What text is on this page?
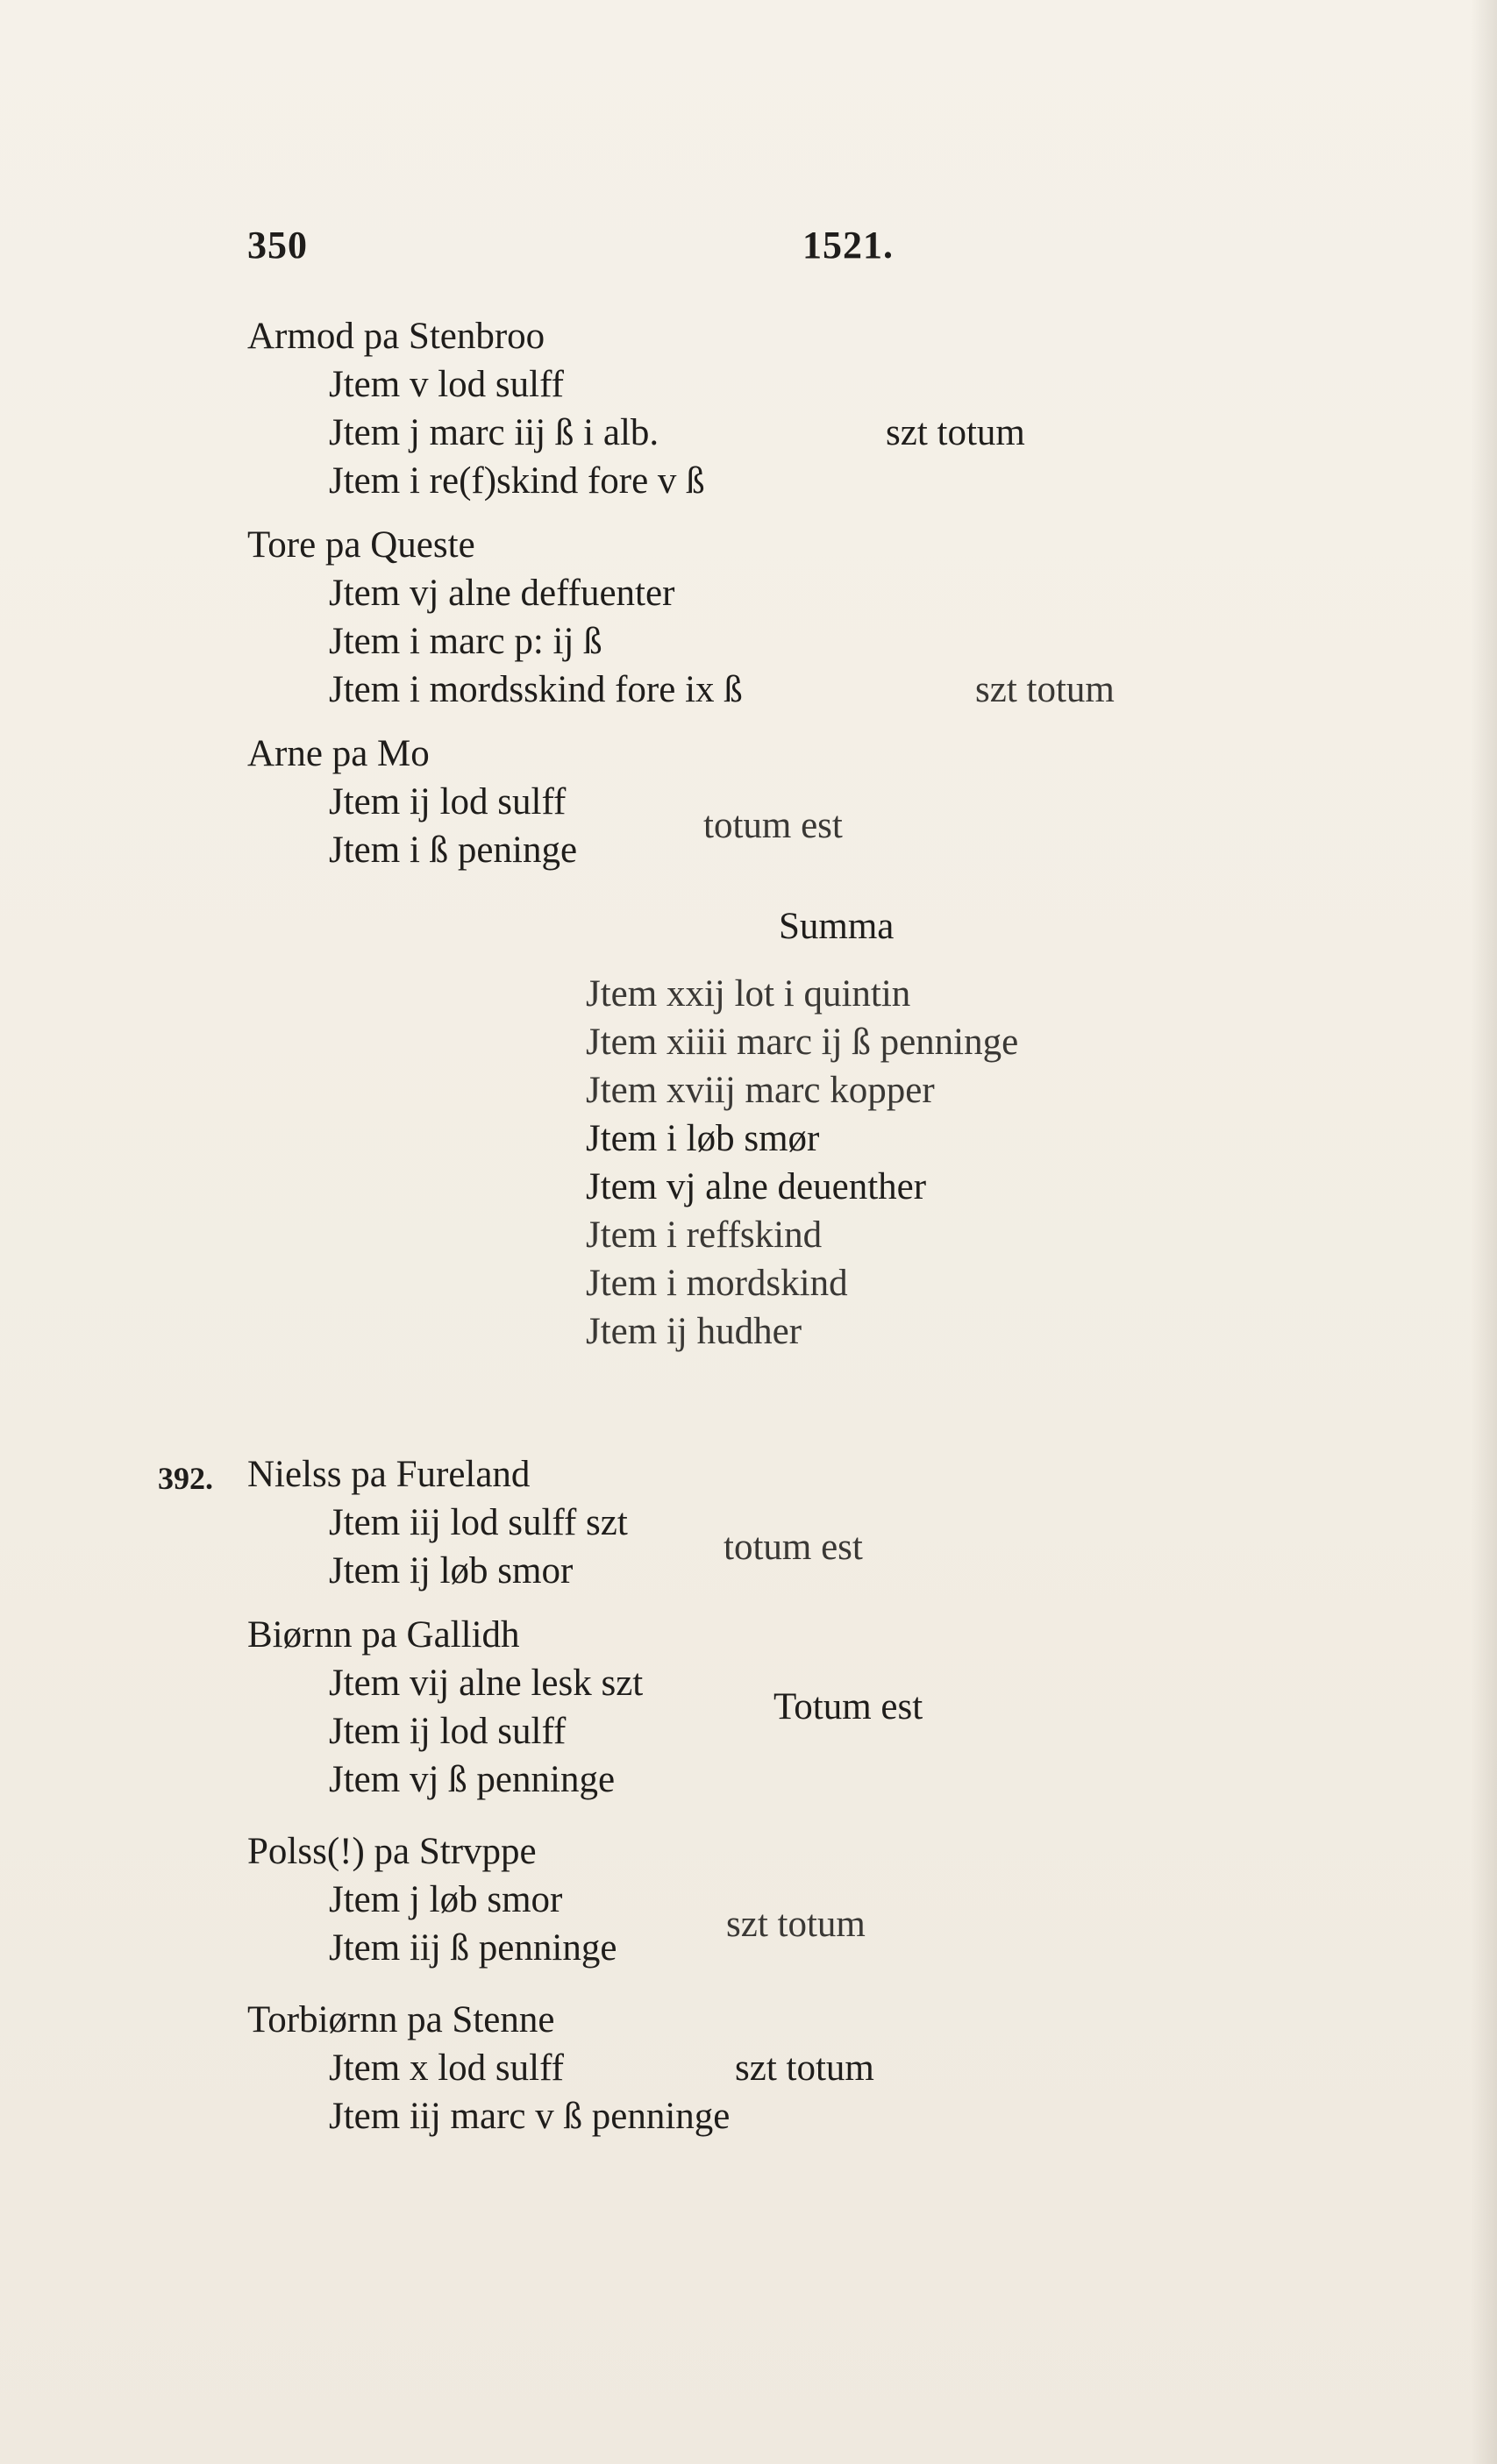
350	1521.
Armod pa Stenbroo
Jtem v lod sulff
Jtem j marc iij ß i alb.
Jtem i re(f)skind fore v ß
szt totum
Tore pa Queste
Jtem vj alne deffuenter
Jtem i marc p: ij ß
Jtem i mordsskind fore ix ß	szt totum
Arne pa Mo
Jtem ij lod sulff
Jtem i ß peninge
totum est
Summa
Jtem xxij lot i quintin
Jtem xiiii marc ij ß penninge
Jtem xviij marc kopper
Jtem i løb smør
Jtem vj alne deuenther
Jtem i reffskind
Jtem i mordskind
Jtem ij hudher
392. Nielss pa Fureland
Jtem iij lod sulff szt
Jtem ij løb smor
totum est
Biørnn pa Gallidh
Jtem vij alne lesk szt
Jtem ij lod sulff
Jtem vj ß penninge
Totum est
Polss(!) pa Strvppe
Jtem j løb smor
Jtem iij ß penninge
szt totum
Torbiørnn pa Stenne
Jtem x lod sulff
Jtem iij marc v ß penninge
szt totum
